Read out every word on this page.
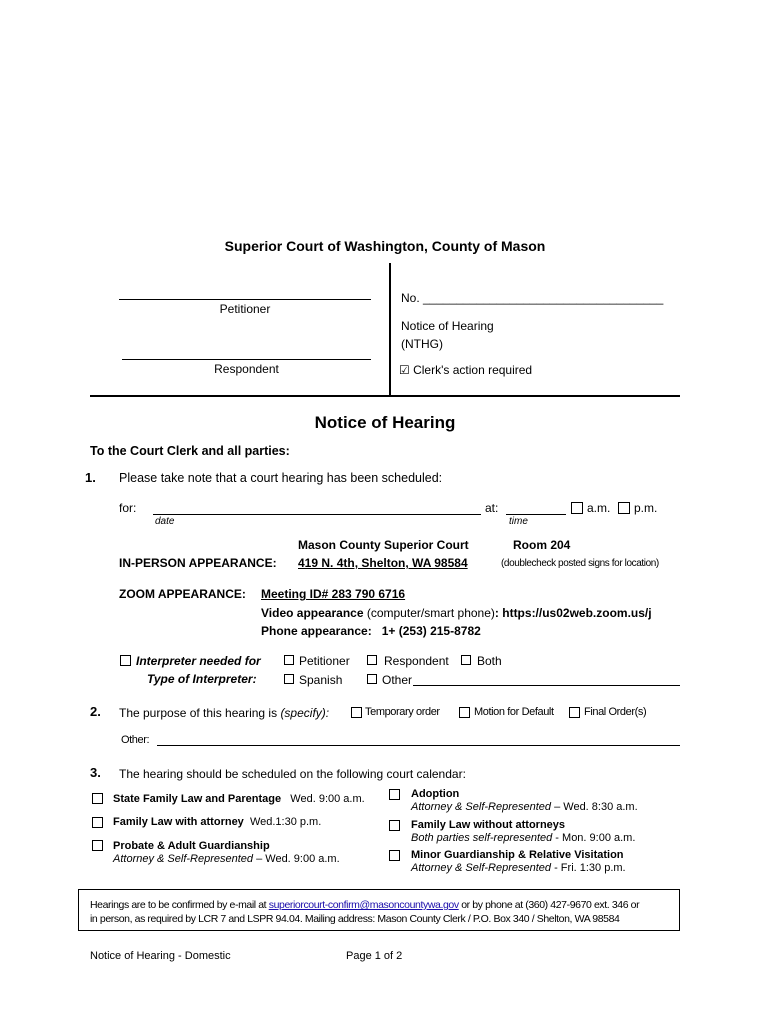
Superior Court of Washington, County of Mason
Petitioner
Respondent
No. ____________________________________
Notice of Hearing
(NTHG)
☑ Clerk's action required
Notice of Hearing
To the Court Clerk and all parties:
1. Please take note that a court hearing has been scheduled:
for:
date
at:
time
a.m. p.m.
Mason County Superior Court	Room 204
IN-PERSON APPEARANCE: 419 N. 4th, Shelton, WA 98584	(doublecheck posted signs for location)
ZOOM APPEARANCE: Meeting ID# 283 790 6716
Video appearance (computer/smart phone): https://us02web.zoom.us/j
Phone appearance: 1+ (253) 215-8782
Interpreter needed for	Petitioner	Respondent Both
Type of Interpreter:	Spanish	Other
2. The purpose of this hearing is (specify):	Temporary order	Motion for Default	Final Order(s)
Other:
3. The hearing should be scheduled on the following court calendar:
State Family Law and Parentage Wed. 9:00 a.m.
Family Law with attorney Wed.1:30 p.m.
Probate & Adult Guardianship
Attorney & Self-Represented – Wed. 9:00 a.m.
Adoption
Attorney & Self-Represented – Wed. 8:30 a.m.
Family Law without attorneys
Both parties self-represented - Mon. 9:00 a.m.
Minor Guardianship & Relative Visitation
Attorney & Self-Represented - Fri. 1:30 p.m.
Hearings are to be confirmed by e-mail at superiorcourt-confirm@masoncountywa.gov or by phone at (360) 427-9670 ext. 346 or
in person, as required by LCR 7 and LSPR 94.04. Mailing address: Mason County Clerk / P.O. Box 340 / Shelton, WA 98584
Notice of Hearing - Domestic	Page 1 of 2
